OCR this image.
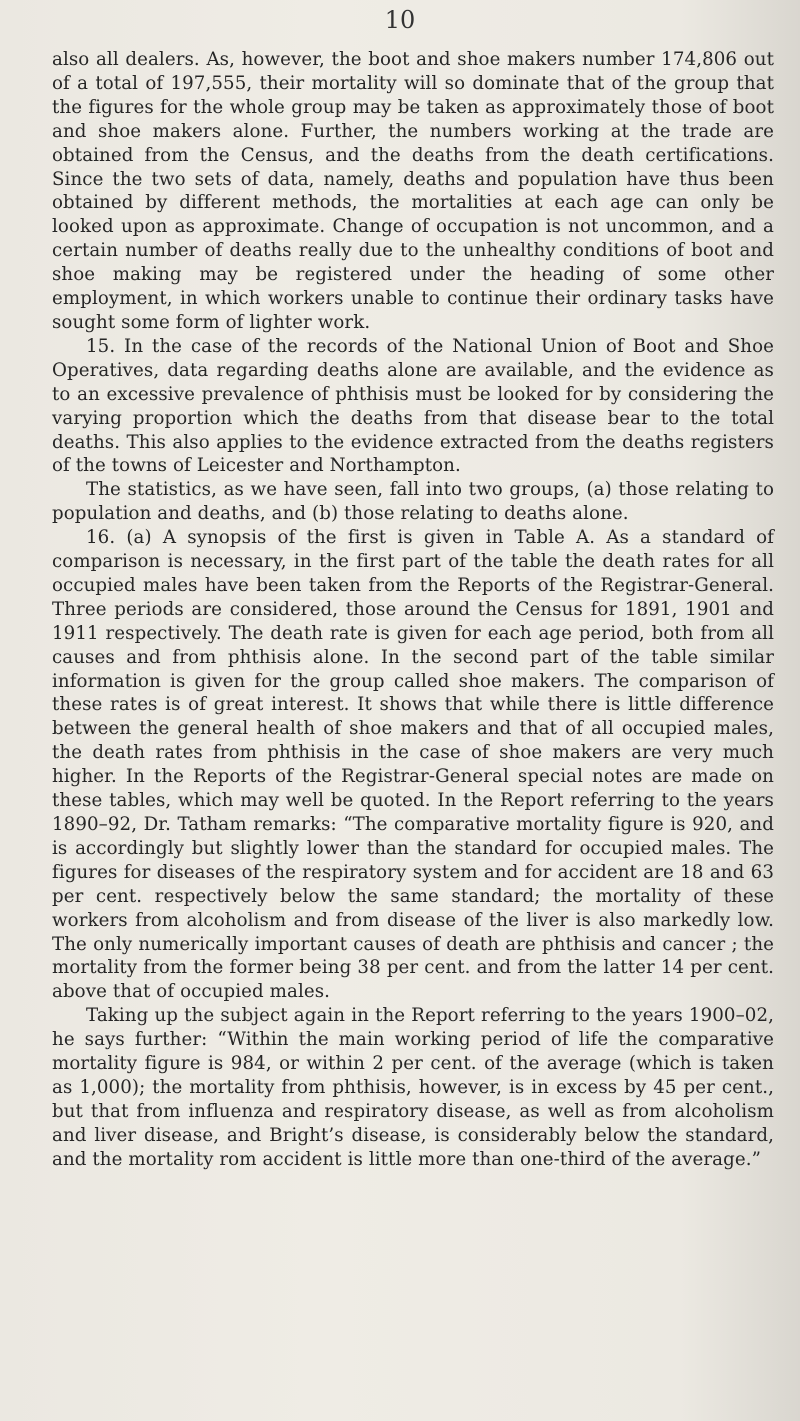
10

also all dealers. As, however, the boot and shoe makers number 174,806 out of a total of 197,555, their mortality will so dominate that of the group that the figures for the whole group may be taken as approximately those of boot and shoe makers alone. Further, the numbers working at the trade are obtained from the Census, and the deaths from the death certifications. Since the two sets of data, namely, deaths and population have thus been obtained by different methods, the mortalities at each age can only be looked upon as approximate. Change of occupation is not uncommon, and a certain number of deaths really due to the unhealthy conditions of boot and shoe making may be registered under the heading of some other employment, in which workers unable to continue their ordinary tasks have sought some form of lighter work.

15. In the case of the records of the National Union of Boot and Shoe Operatives, data regarding deaths alone are available, and the evidence as to an excessive prevalence of phthisis must be looked for by considering the varying proportion which the deaths from that disease bear to the total deaths. This also applies to the evidence extracted from the deaths registers of the towns of Leicester and Northampton.

The statistics, as we have seen, fall into two groups, (a) those relating to population and deaths, and (b) those relating to deaths alone.

16. (a) A synopsis of the first is given in Table A. As a standard of comparison is necessary, in the first part of the table the death rates for all occupied males have been taken from the Reports of the Registrar-General. Three periods are considered, those around the Census for 1891, 1901 and 1911 respectively. The death rate is given for each age period, both from all causes and from phthisis alone. In the second part of the table similar information is given for the group called shoe makers. The comparison of these rates is of great interest. It shows that while there is little difference between the general health of shoe makers and that of all occupied males, the death rates from phthisis in the case of shoe makers are very much higher. In the Reports of the Registrar-General special notes are made on these tables, which may well be quoted. In the Report referring to the years 1890–92, Dr. Tatham remarks: “The comparative mortality figure is 920, and is accordingly but slightly lower than the standard for occupied males. The figures for diseases of the respiratory system and for accident are 18 and 63 per cent. respectively below the same standard; the mortality of these workers from alcoholism and from disease of the liver is also markedly low. The only numerically important causes of death are phthisis and cancer ; the mortality from the former being 38 per cent. and from the latter 14 per cent. above that of occupied males.

Taking up the subject again in the Report referring to the years 1900–02, he says further: “Within the main working period of life the comparative mortality figure is 984, or within 2 per cent. of the average (which is taken as 1,000); the mortality from phthisis, however, is in excess by 45 per cent., but that from influenza and respiratory disease, as well as from alcoholism and liver disease, and Bright’s disease, is considerably below the standard, and the mortality rom accident is little more than one-third of the average.”
